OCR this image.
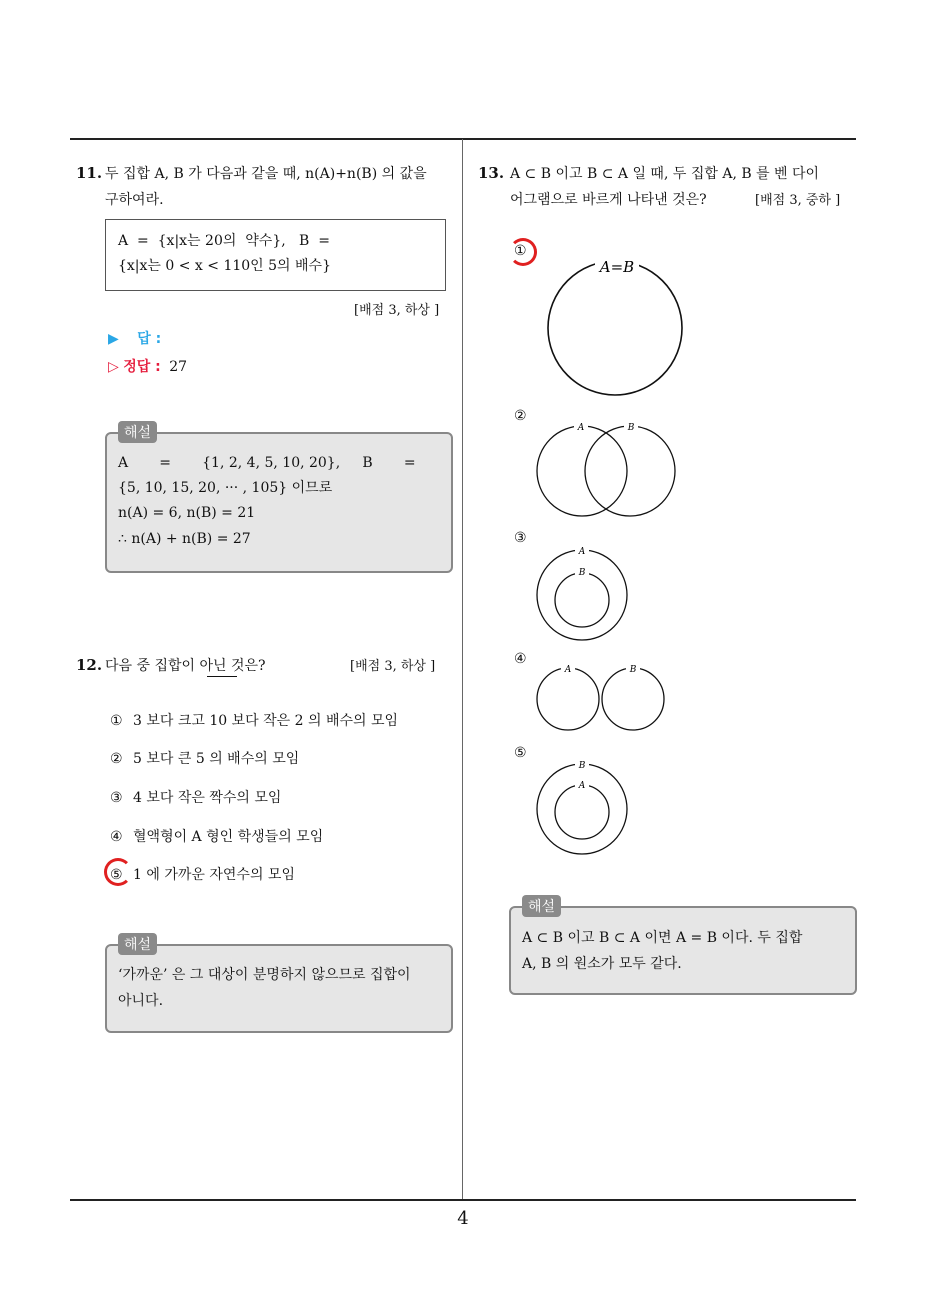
4
11. 두 집합 A, B 가 다음과 같을 때, n(A)+n(B) 의 값을
구하여라.
A  =  {x|x는 20의  약수},   B  =
{x|x는 0 < x < 110인 5의 배수}
[배점 3, 하상 ]
▶ 답 :
▷ 정답 : 27
해설
A       =       {1, 2, 4, 5, 10, 20},     B       =
{5, 10, 15, 20, ··· , 105} 이므로
n(A) = 6, n(B) = 21
∴ n(A) + n(B) = 27
12. 다음 중 집합이 아닌 것은?	[배점 3, 하상 ]
① 3 보다 크고 10 보다 작은 2 의 배수의 모임
② 5 보다 큰 5 의 배수의 모임
③ 4 보다 작은 짝수의 모임
④ 혈액형이 A 형인 학생들의 모임
⑤ 1 에 가까운 자연수의 모임
해설
‘가까운’ 은 그 대상이 분명하지 않으므로 집합이
아니다.
13. A ⊂ B 이고 B ⊂ A 일 때, 두 집합 A, B 를 벤 다이
어그램으로 바르게 나타낸 것은?	[배점 3, 중하 ]
①
②
③
④
⑤
A=B
A	B
A
B
A	B
B
A
해설
A ⊂ B 이고 B ⊂ A 이면 A = B 이다. 두 집합
A, B 의 원소가 모두 같다.
